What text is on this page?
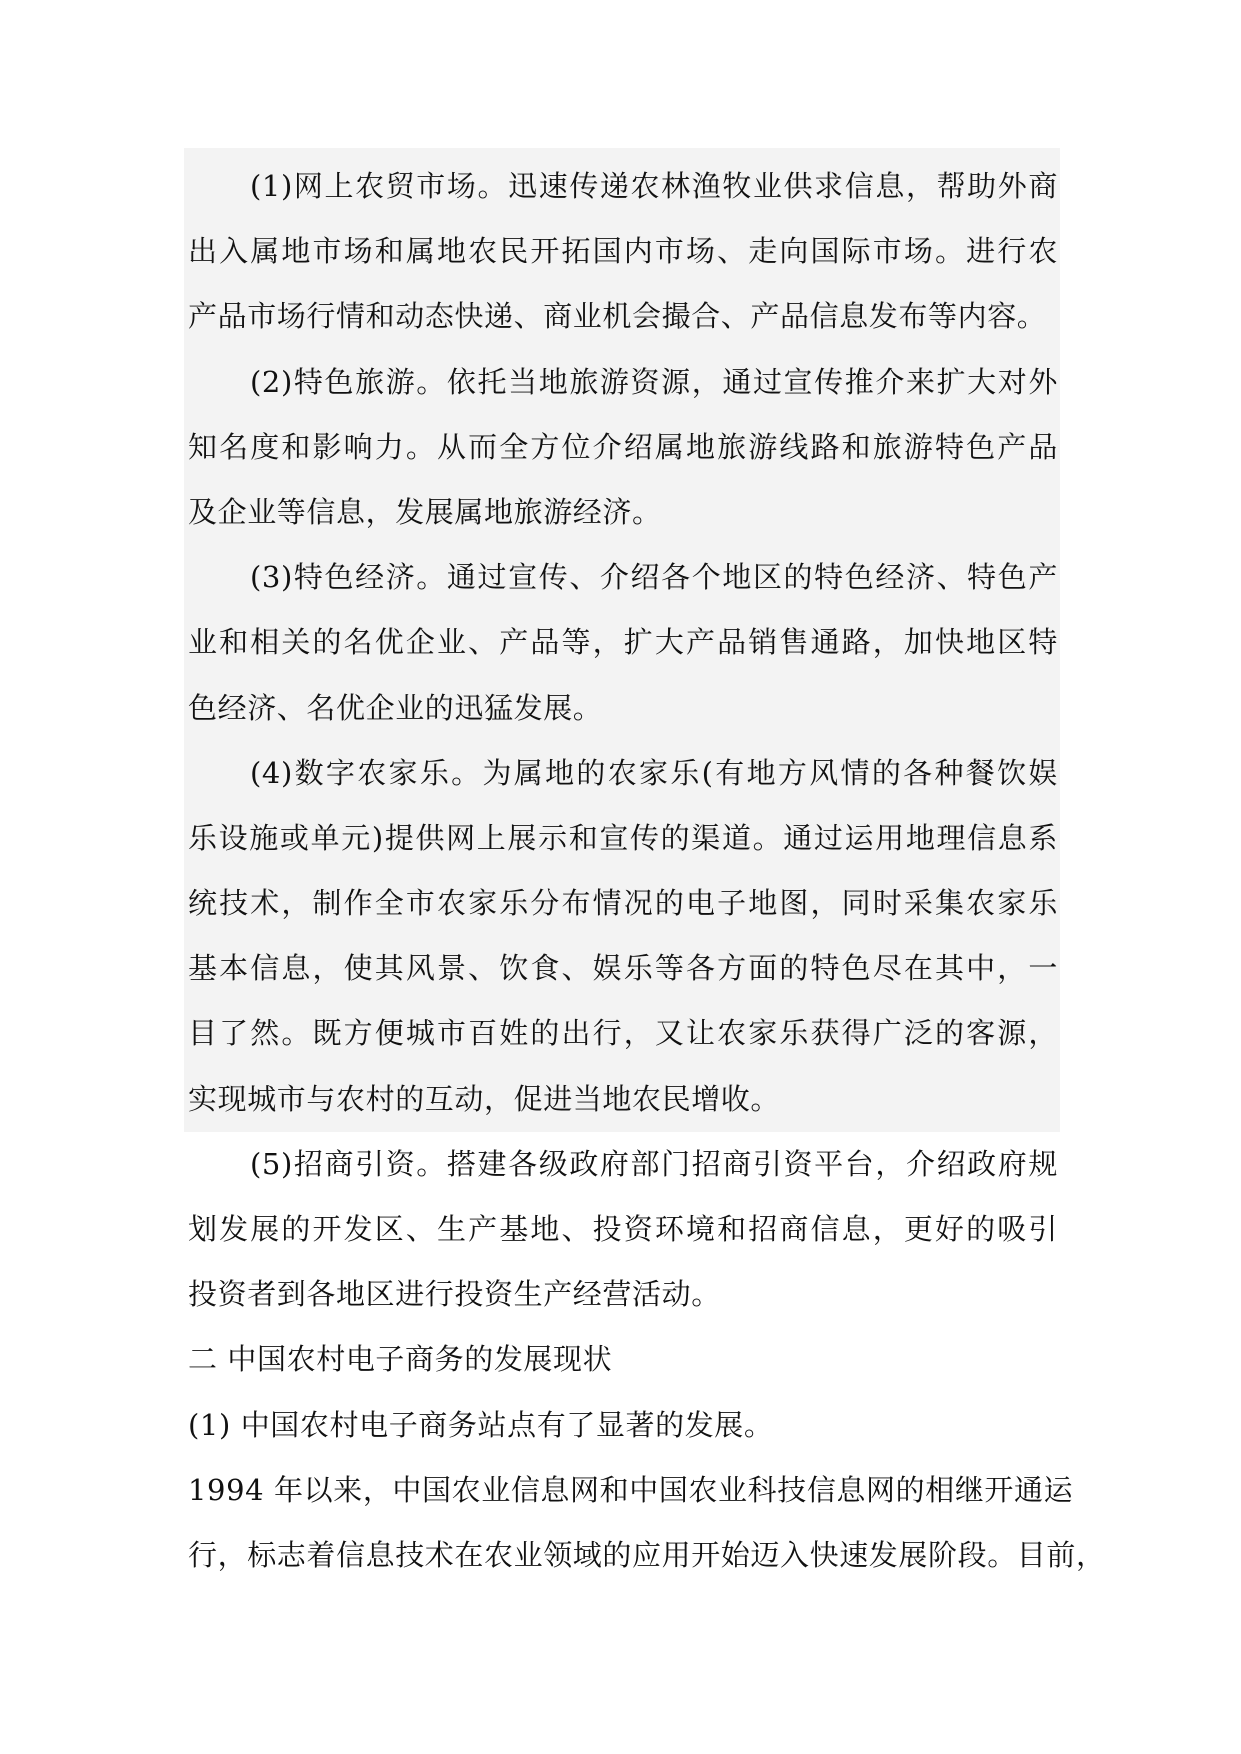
(1)网上农贸市场。迅速传递农林渔牧业供求信息，帮助外商
出入属地市场和属地农民开拓国内市场、走向国际市场。进行农
产品市场行情和动态快递、商业机会撮合、产品信息发布等内容。
(2)特色旅游。依托当地旅游资源，通过宣传推介来扩大对外
知名度和影响力。从而全方位介绍属地旅游线路和旅游特色产品
及企业等信息，发展属地旅游经济。
(3)特色经济。通过宣传、介绍各个地区的特色经济、特色产
业和相关的名优企业、产品等，扩大产品销售通路，加快地区特
色经济、名优企业的迅猛发展。
(4)数字农家乐。为属地的农家乐(有地方风情的各种餐饮娱
乐设施或单元)提供网上展示和宣传的渠道。通过运用地理信息系
统技术，制作全市农家乐分布情况的电子地图，同时采集农家乐
基本信息，使其风景、饮食、娱乐等各方面的特色尽在其中，一
目了然。既方便城市百姓的出行，又让农家乐获得广泛的客源，
实现城市与农村的互动，促进当地农民增收。
(5)招商引资。搭建各级政府部门招商引资平台，介绍政府规
划发展的开发区、生产基地、投资环境和招商信息，更好的吸引
投资者到各地区进行投资生产经营活动。
二 中国农村电子商务的发展现状
(1) 中国农村电子商务站点有了显著的发展。
1994 年以来，中国农业信息网和中国农业科技信息网的相继开通运
行，标志着信息技术在农业领域的应用开始迈入快速发展阶段。目前，
